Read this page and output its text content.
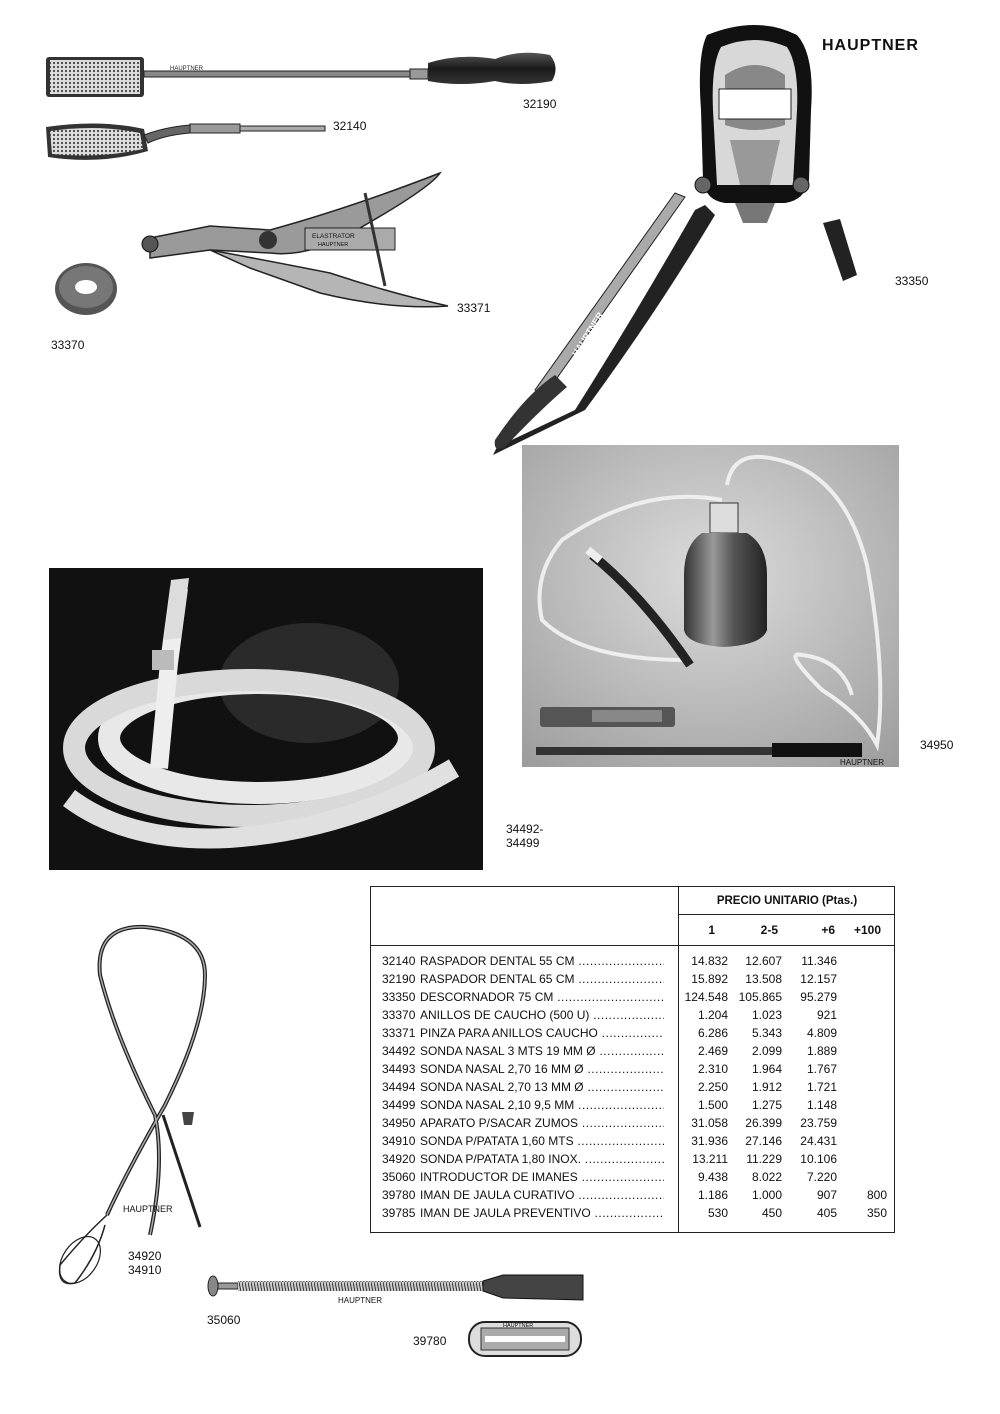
HAUPTNER
HAUPTNER
32190
32140
ELASTRATOR
HAUPTNER
33371
33370	HAUPTNER
33350
HAUPTNER
34950
34492-
34499
HAUPTNER
34920
34910
HAUPTNER
35060	HAUPTNER
39780
PRECIO UNITARIO (Ptas.)
1	2-5	+6 +100
32140 RASPADOR DENTAL 55 CM .....	14.832	12.607	11.346
32190 RASPADOR DENTAL 65 CM .....	15.892	13.508	12.157
33350 DESCORNADOR 75 CM .....	124.548 105.865	95.279
33370 ANILLOS DE CAUCHO (500 U) .....	1.204	1.023	921
33371 PINZA PARA ANILLOS CAUCHO .....	6.286	5.343	4.809
34492 SONDA NASAL 3 MTS 19 MM Ø .....	2.469	2.099	1.889
34493 SONDA NASAL 2,70 16 MM Ø .....	2.310	1.964	1.767
34494 SONDA NASAL 2,70 13 MM Ø .....	2.250	1.912	1.721
34499 SONDA NASAL 2,10 9,5 MM .....	1.500	1.275	1.148
34950 APARATO P/SACAR ZUMOS .....	31.058	26.399	23.759
34910 SONDA P/PATATA 1,60 MTS .....	31.936	27.146	24.431
34920 SONDA P/PATATA 1,80 INOX. .....	13.211	11.229	10.106
35060 INTRODUCTOR DE IMANES .....	9.438	8.022	7.220
39780 IMAN DE JAULA CURATIVO .....	1.186	1.000	907	800
39785 IMAN DE JAULA PREVENTIVO .....	530	450	405	350
